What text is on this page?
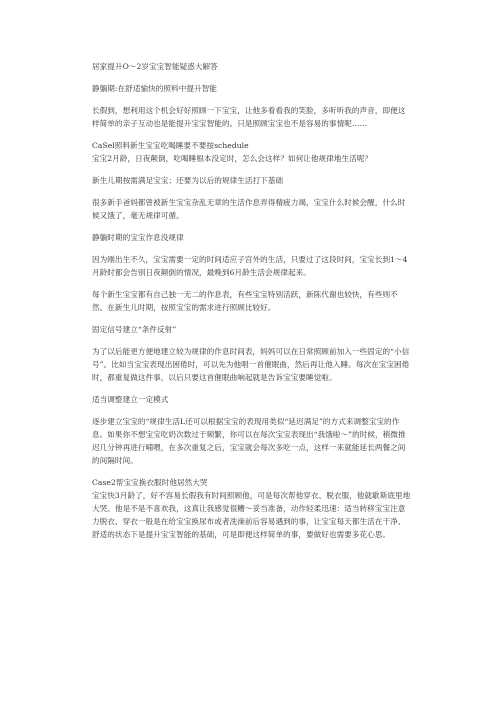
居家提升O～2岁宝宝智能疑惑大解答

静躺期:在舒适愉快的照料中提升智能

长假到，想利用这个机会好好照顾一下宝宝，让他多看看我的笑脸，多听听我的声音，即便这样简单的亲子互动也是能提升宝宝智能的。只是照顾宝宝也不是容易的事情呢……

CaSel照料新生宝宝吃喝睡要不要按schedule

宝宝2月龄，日夜颠倒，吃喝睡根本没定时，怎么会这样？如何让他规律地生活呢？

新生儿期按需满足宝宝；还要为以后的规律生活打下基础

很多新手爸妈都曾被新生宝宝杂乱无章的生活作息弄得精疲力竭，宝宝什么时候会醒，什么时候又饿了，毫无规律可循。

静躺时期的宝宝作息没规律

因为刚出生不久，宝宝需要一定的时间适应子宫外的生活，只要过了这段时间，宝宝长到1～4月龄时都会告别日夜颠倒的情况，最晚到6月龄生活会规律起来。

每个新生宝宝都有自己独一无二的作息表，有些宝宝特别活跃，新陈代谢也较快，有些则不然。在新生儿时期，按照宝宝的需求进行照顾比较好。

固定信号建立“条件反射”

为了以后能更方便地建立较为规律的作息时间表，妈妈可以在日常照顾前加入一些固定的“小信号”。比如当宝宝表现出困倦时，可以先为他唱一首催眠曲，然后再让他入睡。每次在宝宝困倦时，都重复做这件事，以后只要这首催眠曲响起就是告诉宝宝要睡觉啦。

适当调整建立一定模式

逐步建立宝宝的“规律生活L还可以根据宝宝的表现用类似“延迟满足”的方式来调整宝宝的作息。如果你不想宝宝吃奶次数过于频繁，你可以在每次宝宝表现出“我饿啦～”的时候，稍微推迟几分钟再进行哺喂，在多次重复之后，宝宝就会每次多吃一点，这样一来就能延长两餐之间的间隔时间。

Case2帮宝宝换衣服时他居然大哭

宝宝快3月龄了，好不容易长假我有时间照顾他，可是每次帮他穿衣、脱衣服，他就歇斯底里地大哭。他是不是不喜欢我，这真让我感觉很糟～妥当准备，动作轻柔迅速：适当转移宝宝注意力脱衣、穿衣一般是在给宝宝换尿布或者洗澡前后容易遇到的事，让宝宝每天都生活在干净、舒适的状态下是提升宝宝智能的基础，可是即便这样简单的事，要做好也需要多花心思。
